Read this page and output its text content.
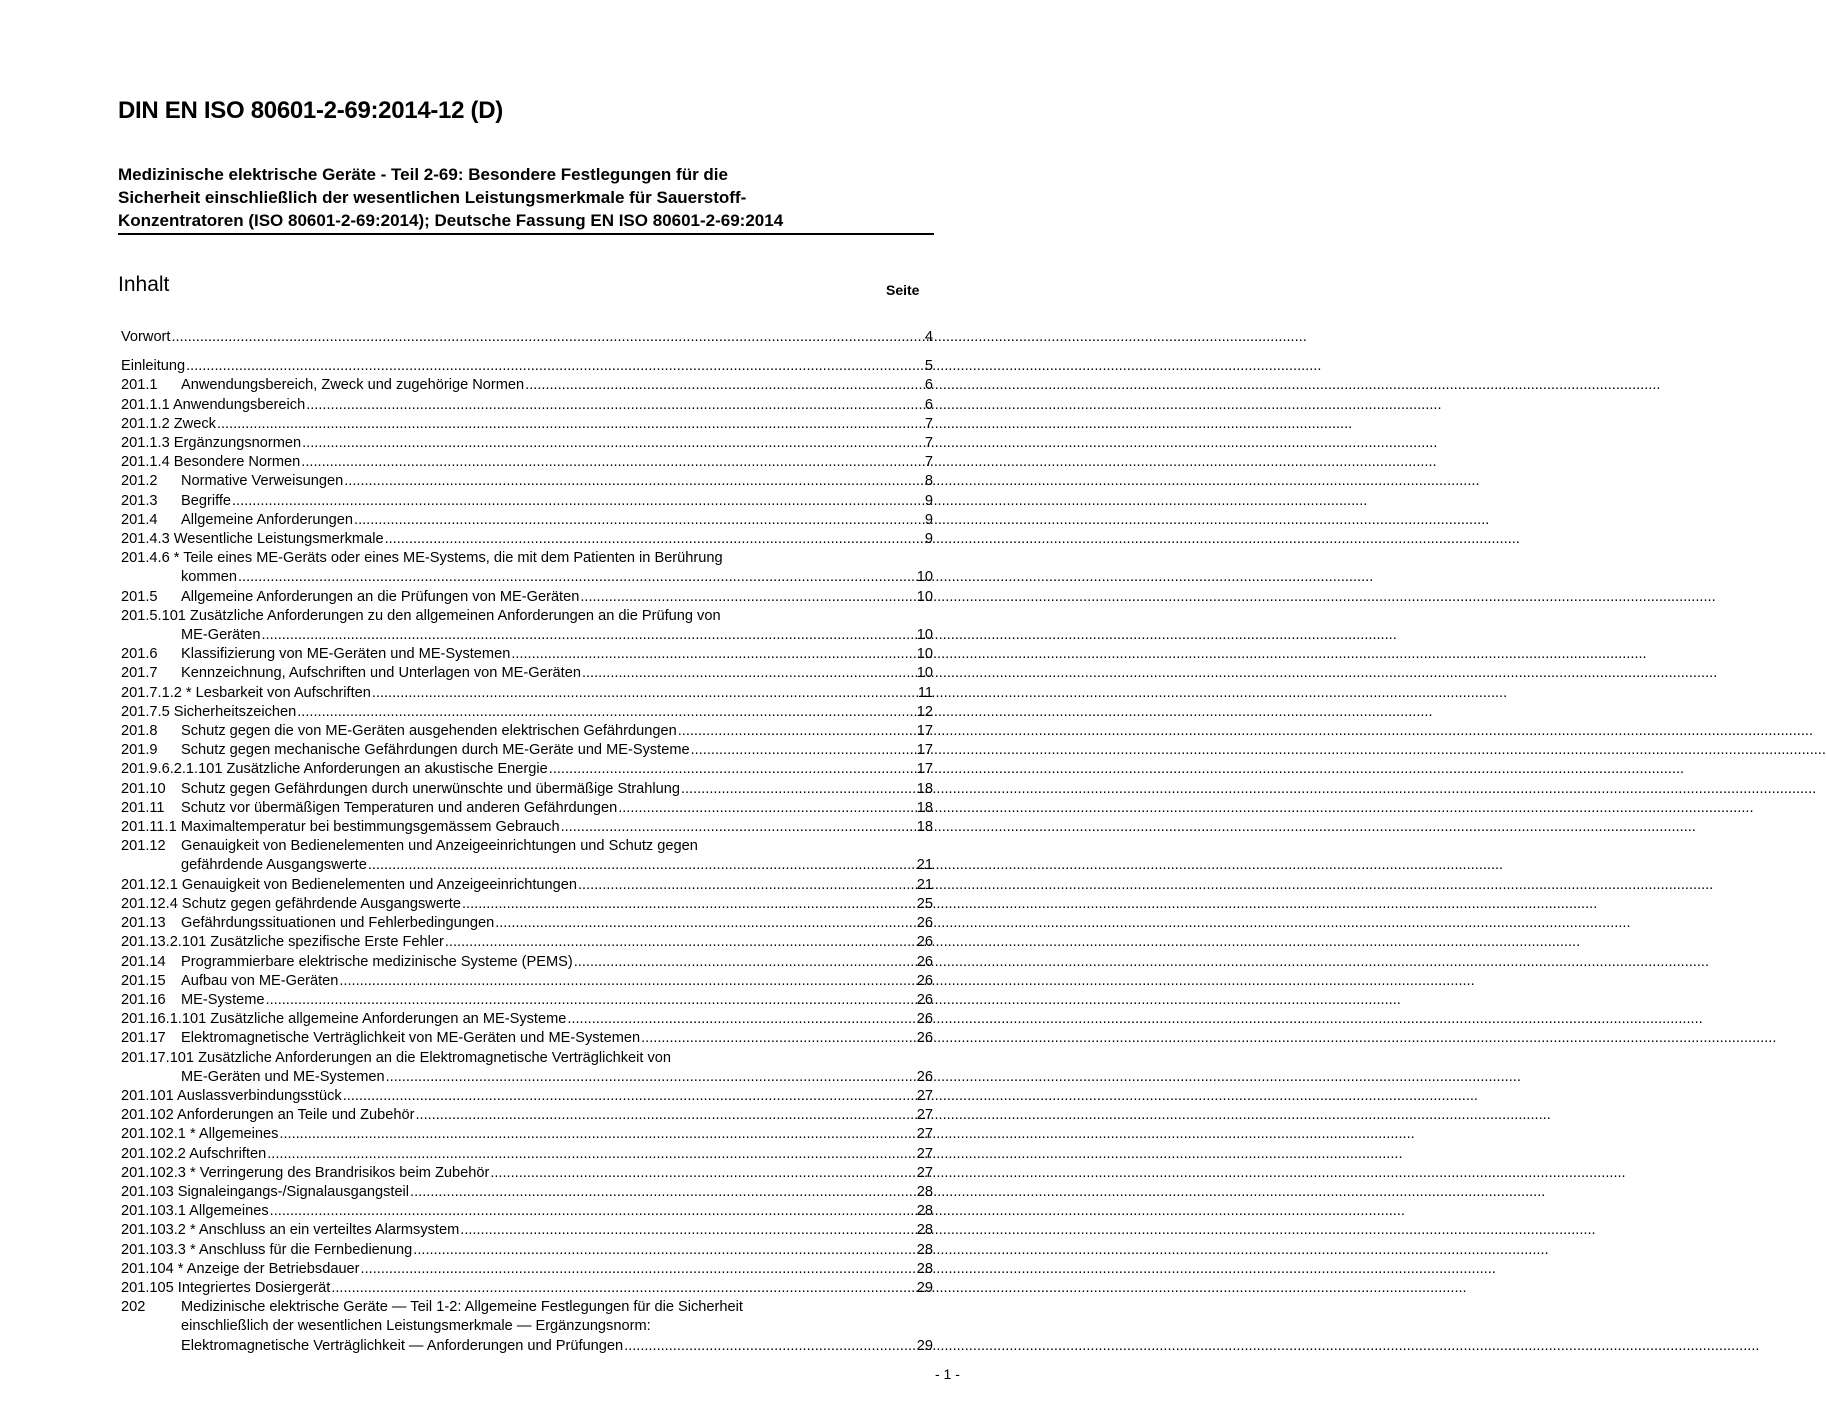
DIN EN ISO 80601-2-69:2014-12 (D)
Medizinische elektrische Geräte - Teil 2-69: Besondere Festlegungen für die
Sicherheit einschließlich der wesentlichen Leistungsmerkmale für Sauerstoff-
Konzentratoren (ISO 80601-2-69:2014); Deutsche Fassung EN ISO 80601-2-69:2014
Inhalt	Seite
Vorwort .....	4
Einleitung .....	5
201.1	Anwendungsbereich, Zweck und zugehörige Normen .....	6
201.1.1 Anwendungsbereich .....	6
201.1.2 Zweck .....	7
201.1.3 Ergänzungsnormen .....	7
201.1.4 Besondere Normen .....	7
201.2	Normative Verweisungen .....	8
201.3	Begriffe .....	9
201.4	Allgemeine Anforderungen .....	9
201.4.3 Wesentliche Leistungsmerkmale .....	9
201.4.6 * Teile eines ME-Geräts oder eines ME-Systems, die mit dem Patienten in Berührung
kommen .....	10
201.5	Allgemeine Anforderungen an die Prüfungen von ME-Geräten .....	10
201.5.101 Zusätzliche Anforderungen zu den allgemeinen Anforderungen an die Prüfung von
ME-Geräten .....	10
201.6	Klassifizierung von ME-Geräten und ME-Systemen .....	10
201.7	Kennzeichnung, Aufschriften und Unterlagen von ME-Geräten .....	10
201.7.1.2 * Lesbarkeit von Aufschriften .....	11
201.7.5 Sicherheitszeichen .....	12
201.8	Schutz gegen die von ME-Geräten ausgehenden elektrischen Gefährdungen .....	17
201.9	Schutz gegen mechanische Gefährdungen durch ME-Geräte und ME-Systeme .....	17
201.9.6.2.1.101 Zusätzliche Anforderungen an akustische Energie .....	17
201.10	Schutz gegen Gefährdungen durch unerwünschte und übermäßige Strahlung .....	18
201.11	Schutz vor übermäßigen Temperaturen und anderen Gefährdungen .....	18
201.11.1 Maximaltemperatur bei bestimmungsgemässem Gebrauch .....	18
201.12	Genauigkeit von Bedienelementen und Anzeigeeinrichtungen und Schutz gegen
gefährdende Ausgangswerte .....	21
201.12.1 Genauigkeit von Bedienelementen und Anzeigeeinrichtungen .....	21
201.12.4 Schutz gegen gefährdende Ausgangswerte .....	25
201.13	Gefährdungssituationen und Fehlerbedingungen .....	26
201.13.2.101 Zusätzliche spezifische Erste Fehler .....	26
201.14	Programmierbare elektrische medizinische Systeme (PEMS) .....	26
201.15	Aufbau von ME-Geräten .....	26
201.16	ME-Systeme .....	26
201.16.1.101 Zusätzliche allgemeine Anforderungen an ME-Systeme .....	26
201.17	Elektromagnetische Verträglichkeit von ME-Geräten und ME-Systemen .....	26
201.17.101 Zusätzliche Anforderungen an die Elektromagnetische Verträglichkeit von
ME-Geräten und ME-Systemen .....	26
201.101 Auslassverbindungsstück .....	27
201.102 Anforderungen an Teile und Zubehör .....	27
201.102.1 * Allgemeines .....	27
201.102.2 Aufschriften .....	27
201.102.3 * Verringerung des Brandrisikos beim Zubehör .....	27
201.103 Signaleingangs-/Signalausgangsteil .....	28
201.103.1 Allgemeines .....	28
201.103.2 * Anschluss an ein verteiltes Alarmsystem .....	28
201.103.3 * Anschluss für die Fernbedienung .....	28
201.104 * Anzeige der Betriebsdauer .....	28
201.105 Integriertes Dosiergerät .....	29
202	Medizinische elektrische Geräte — Teil 1-2: Allgemeine Festlegungen für die Sicherheit
einschließlich der wesentlichen Leistungsmerkmale — Ergänzungsnorm:
Elektromagnetische Verträglichkeit — Anforderungen und Prüfungen .....	29
- 1 -
